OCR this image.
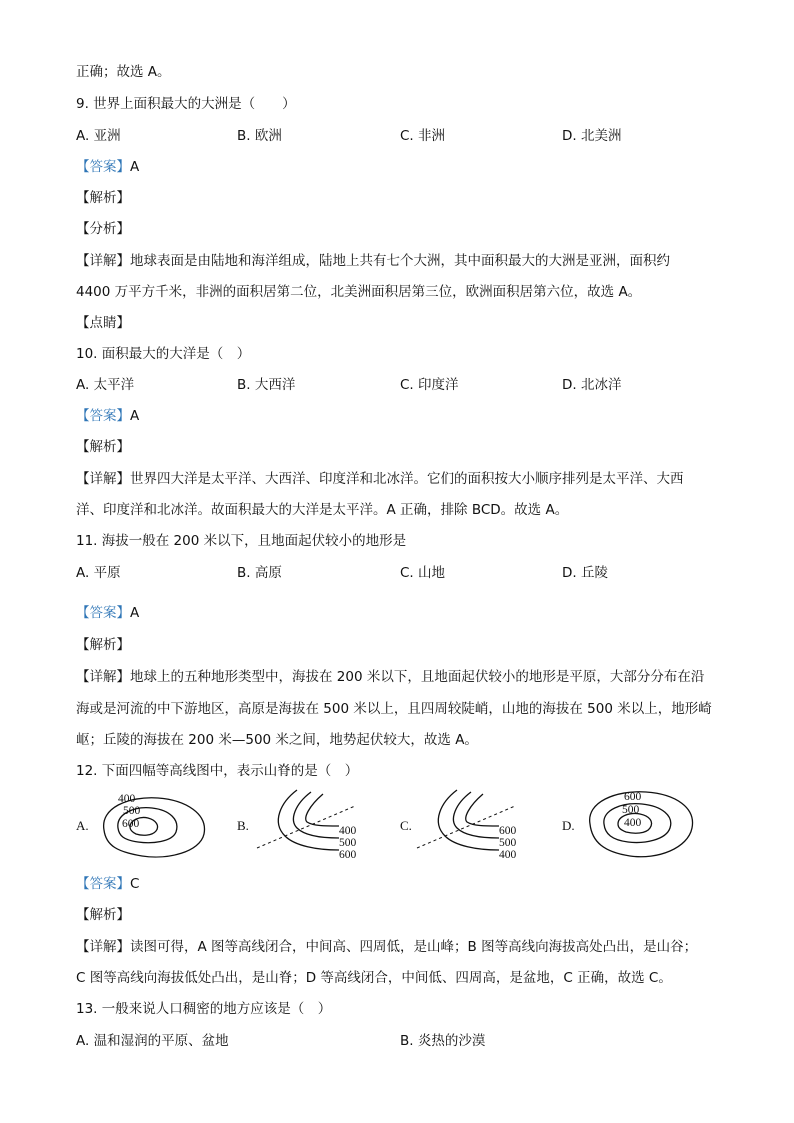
正确；故选 A。
9. 世界上面积最大的大洲是（　　）
A. 亚洲	B. 欧洲	C. 非洲	D. 北美洲
【答案】A
【解析】
【分析】
【详解】地球表面是由陆地和海洋组成，陆地上共有七个大洲，其中面积最大的大洲是亚洲，面积约
4400 万平方千米，非洲的面积居第二位，北美洲面积居第三位，欧洲面积居第六位，故选 A。
【点睛】
10. 面积最大的大洋是（　）
A. 太平洋	B. 大西洋	C. 印度洋	D. 北冰洋
【答案】A
【解析】
【详解】世界四大洋是太平洋、大西洋、印度洋和北冰洋。它们的面积按大小顺序排列是太平洋、大西
洋、印度洋和北冰洋。故面积最大的大洋是太平洋。A 正确，排除 BCD。故选 A。
11. 海拔一般在 200 米以下，且地面起伏较小的地形是
A. 平原	B. 高原	C. 山地	D. 丘陵
【答案】A
【解析】
【详解】地球上的五种地形类型中，海拔在 200 米以下，且地面起伏较小的地形是平原，大部分分布在沿
海或是河流的中下游地区，高原是海拔在 500 米以上，且四周较陡峭，山地的海拔在 500 米以上，地形崎
岖；丘陵的海拔在 200 米—500 米之间，地势起伏较大，故选 A。
12. 下面四幅等高线图中，表示山脊的是（　）
A.
400
500
600	B.	400
500
600
C.	600
500
400
D.
600
500
400
【答案】C
【解析】
【详解】读图可得，A 图等高线闭合，中间高、四周低，是山峰；B 图等高线向海拔高处凸出，是山谷；
C 图等高线向海拔低处凸出，是山脊；D 等高线闭合，中间低、四周高，是盆地，C 正确，故选 C。
13. 一般来说人口稠密的地方应该是（　）
A. 温和湿润的平原、盆地	B. 炎热的沙漠
